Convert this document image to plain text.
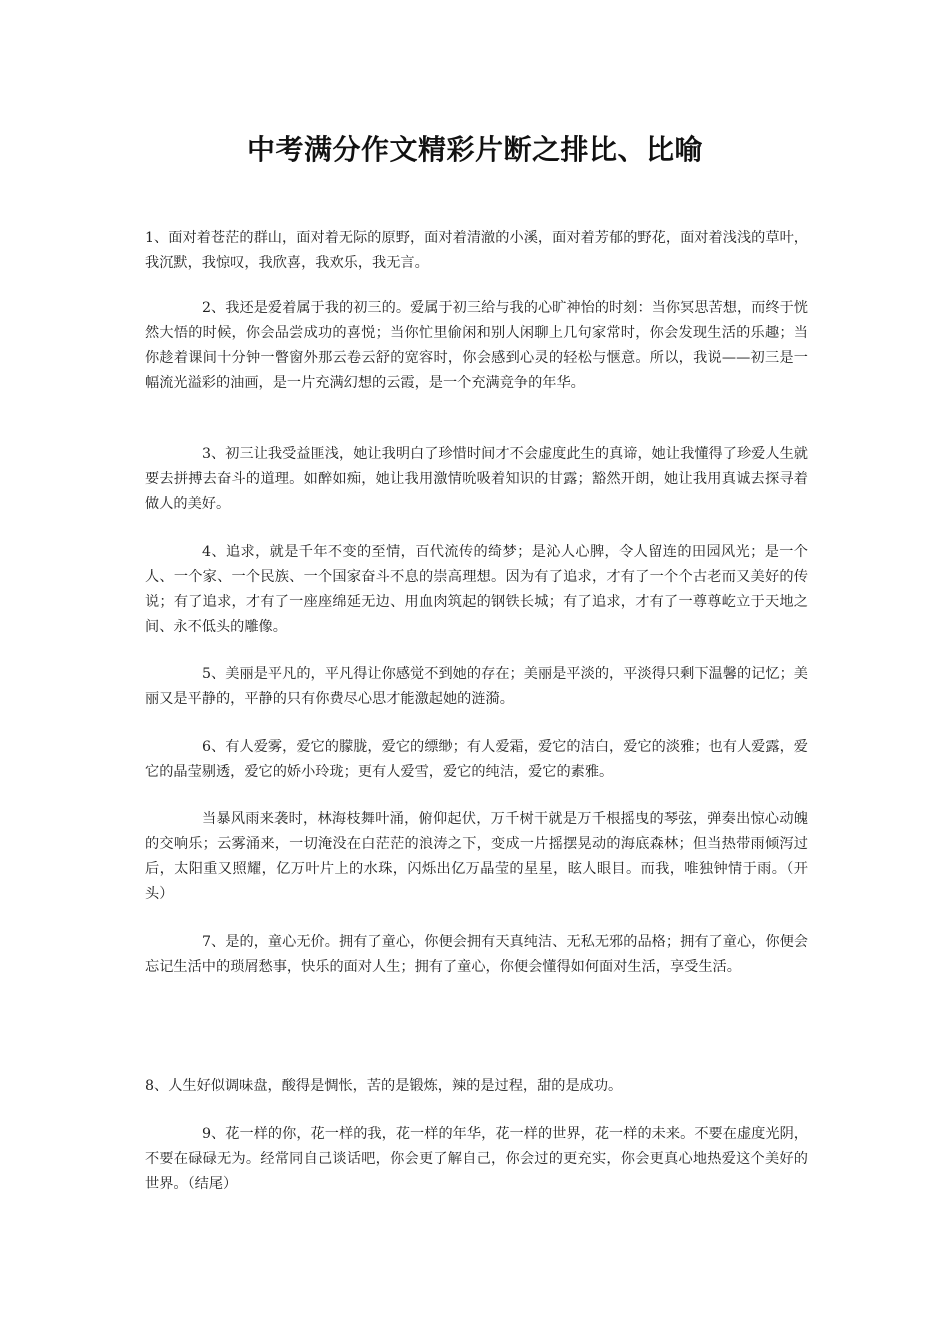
中考满分作文精彩片断之排比、比喻

1、面对着苍茫的群山，面对着无际的原野，面对着清澈的小溪，面对着芳郁的野花，面对着浅浅的草叶，我沉默，我惊叹，我欣喜，我欢乐，我无言。

2、我还是爱着属于我的初三的。爱属于初三给与我的心旷神怡的时刻：当你冥思苦想，而终于恍然大悟的时候，你会品尝成功的喜悦；当你忙里偷闲和别人闲聊上几句家常时，你会发现生活的乐趣；当你趁着课间十分钟一瞥窗外那云卷云舒的宽容时，你会感到心灵的轻松与惬意。所以，我说——初三是一幅流光溢彩的油画，是一片充满幻想的云霞，是一个充满竞争的年华。

3、初三让我受益匪浅，她让我明白了珍惜时间才不会虚度此生的真谛，她让我懂得了珍爱人生就要去拼搏去奋斗的道理。如醉如痴，她让我用激情吮吸着知识的甘露；豁然开朗，她让我用真诚去探寻着做人的美好。

4、追求，就是千年不变的至情，百代流传的绮梦；是沁人心脾，令人留连的田园风光；是一个人、一个家、一个民族、一个国家奋斗不息的崇高理想。因为有了追求，才有了一个个古老而又美好的传说；有了追求，才有了一座座绵延无边、用血肉筑起的钢铁长城；有了追求，才有了一尊尊屹立于天地之间、永不低头的雕像。

5、美丽是平凡的，平凡得让你感觉不到她的存在；美丽是平淡的，平淡得只剩下温馨的记忆；美丽又是平静的，平静的只有你费尽心思才能激起她的涟漪。

6、有人爱雾，爱它的朦胧，爱它的缥缈；有人爱霜，爱它的洁白，爱它的淡雅；也有人爱露，爱它的晶莹剔透，爱它的娇小玲珑；更有人爱雪，爱它的纯洁，爱它的素雅。

当暴风雨来袭时，林海枝舞叶涌，俯仰起伏，万千树干就是万千根摇曳的琴弦，弹奏出惊心动魄的交响乐；云雾涌来，一切淹没在白茫茫的浪涛之下，变成一片摇摆晃动的海底森林；但当热带雨倾泻过后，太阳重又照耀，亿万叶片上的水珠，闪烁出亿万晶莹的星星，眩人眼目。而我，唯独钟情于雨。（开头）

7、是的，童心无价。拥有了童心，你便会拥有天真纯洁、无私无邪的品格；拥有了童心，你便会忘记生活中的琐屑愁事，快乐的面对人生；拥有了童心，你便会懂得如何面对生活，享受生活。

8、人生好似调味盘，酸得是惆怅，苦的是锻炼，辣的是过程，甜的是成功。

9、花一样的你，花一样的我，花一样的年华，花一样的世界，花一样的未来。不要在虚度光阴，不要在碌碌无为。经常同自己谈话吧，你会更了解自己，你会过的更充实，你会更真心地热爱这个美好的世界。（结尾）
